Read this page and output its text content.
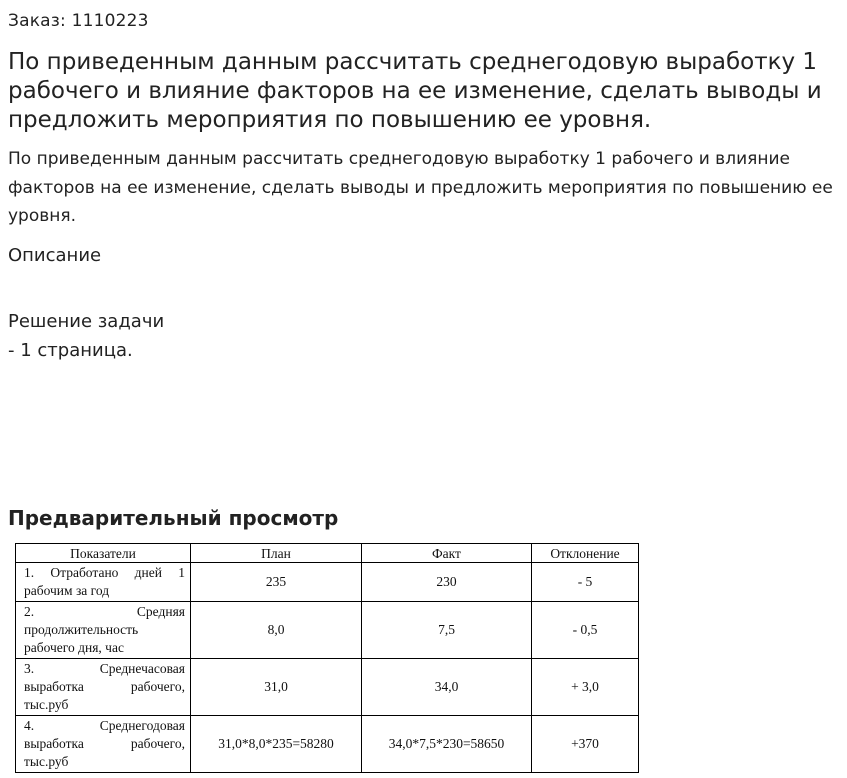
Заказ: 1110223
По приведенным данным рассчитать среднегодовую выработку 1 рабочего и влияние факторов на ее изменение, сделать выводы и предложить мероприятия по повышению ее уровня.

По приведенным данным рассчитать среднегодовую выработку 1 рабочего и влияние факторов на ее изменение, сделать выводы и предложить мероприятия по повышению ее уровня.

Описание
Решение задачи
- 1 страница.
Предварительный просмотр
Показатели	План	Факт	Отклонение
1. Отработано дней 1 рабочим за год	235	230	- 5
2. Средняя продолжительность рабочего дня, час	8,0	7,5	- 0,5
3. Среднечасовая выработка рабочего, тыс.руб	31,0	34,0	+ 3,0
4. Среднегодовая выработка рабочего, тыс.руб	31,0*8,0*235=58280	34,0*7,5*230=58650	+370
